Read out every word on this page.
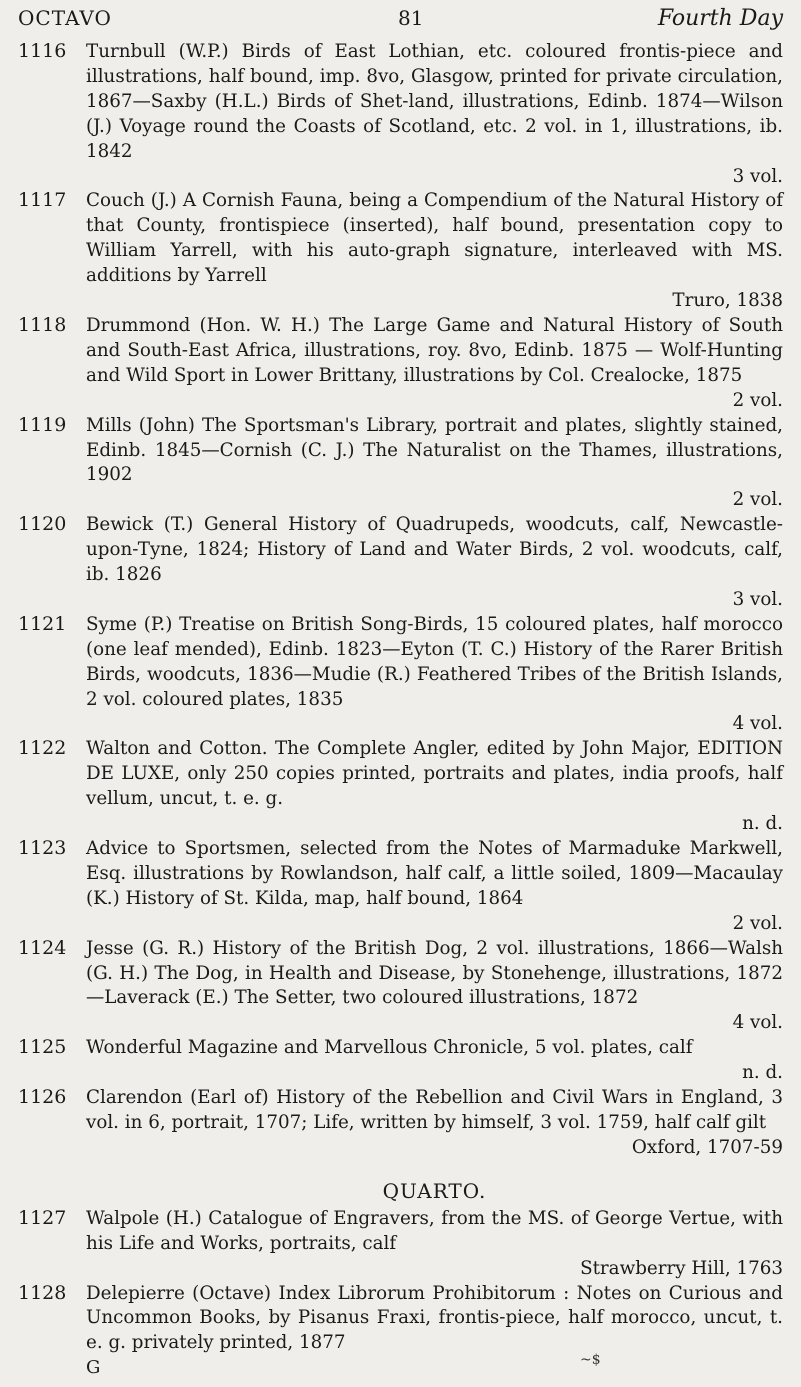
OCTAVO	81	Fourth Day
1116 Turnbull (W.P.) Birds of East Lothian, etc. coloured frontis-piece and illustrations, half bound, imp. 8vo, Glasgow, printed for private circulation, 1867—Saxby (H.L.) Birds of Shet-land, illustrations, Edinb. 1874—Wilson (J.) Voyage round the Coasts of Scotland, etc. 2 vol. in 1, illustrations, ib. 1842
3 vol.
1117 Couch (J.) A Cornish Fauna, being a Compendium of the Natural History of that County, frontispiece (inserted), half bound, presentation copy to William Yarrell, with his auto-graph signature, interleaved with MS. additions by Yarrell
Truro, 1838
1118 Drummond (Hon. W. H.) The Large Game and Natural History of South and South-East Africa, illustrations, roy. 8vo, Edinb. 1875 — Wolf-Hunting and Wild Sport in Lower Brittany, illustrations by Col. Crealocke, 1875
2 vol.
1119 Mills (John) The Sportsman's Library, portrait and plates, slightly stained, Edinb. 1845—Cornish (C. J.) The Naturalist on the Thames, illustrations, 1902
2 vol.
1120 Bewick (T.) General History of Quadrupeds, woodcuts, calf, Newcastle-upon-Tyne, 1824; History of Land and Water Birds, 2 vol. woodcuts, calf, ib. 1826
3 vol.
1121 Syme (P.) Treatise on British Song-Birds, 15 coloured plates, half morocco (one leaf mended), Edinb. 1823—Eyton (T. C.) History of the Rarer British Birds, woodcuts, 1836—Mudie (R.) Feathered Tribes of the British Islands, 2 vol. coloured plates, 1835
4 vol.
1122 Walton and Cotton. The Complete Angler, edited by John Major, EDITION DE LUXE, only 250 copies printed, portraits and plates, india proofs, half vellum, uncut, t. e. g.
n. d.
1123 Advice to Sportsmen, selected from the Notes of Marmaduke Markwell, Esq. illustrations by Rowlandson, half calf, a little soiled, 1809—Macaulay (K.) History of St. Kilda, map, half bound, 1864
2 vol.
1124 Jesse (G. R.) History of the British Dog, 2 vol. illustrations, 1866—Walsh (G. H.) The Dog, in Health and Disease, by Stonehenge, illustrations, 1872—Laverack (E.) The Setter, two coloured illustrations, 1872
4 vol.
1125 Wonderful Magazine and Marvellous Chronicle, 5 vol. plates, calf
n. d.
1126 Clarendon (Earl of) History of the Rebellion and Civil Wars in England, 3 vol. in 6, portrait, 1707; Life, written by himself, 3 vol. 1759, half calf gilt
Oxford, 1707-59
QUARTO.
1127 Walpole (H.) Catalogue of Engravers, from the MS. of George Vertue, with his Life and Works, portraits, calf
Strawberry Hill, 1763
1128 Delepierre (Octave) Index Librorum Prohibitorum : Notes on Curious and Uncommon Books, by Pisanus Fraxi, frontis-piece, half morocco, uncut, t. e. g. privately printed, 1877
G	~$
